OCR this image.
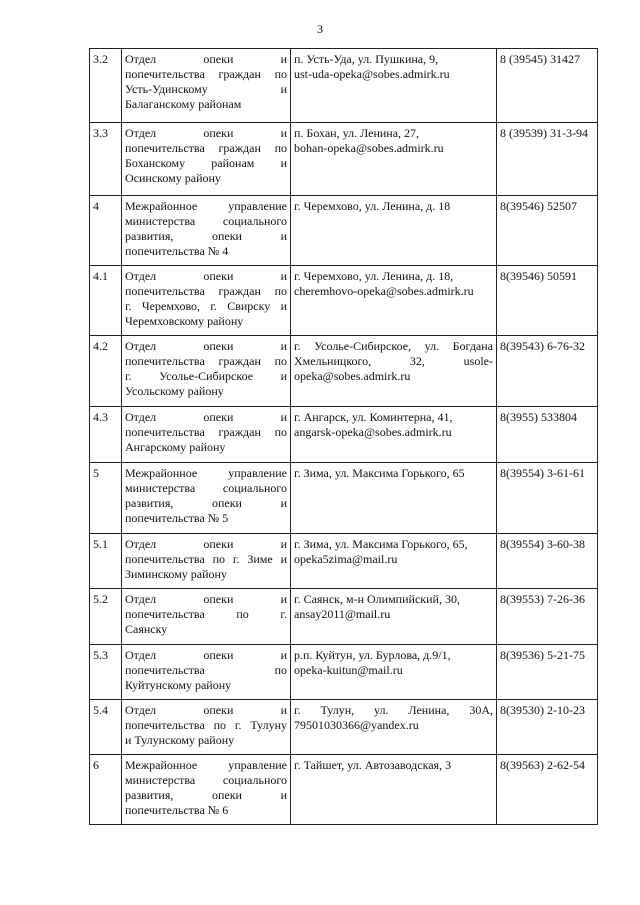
3
3.2	Отдел опеки и
попечительства граждан по
Усть-Удинскому и
Балаганскому районам	п. Усть-Уда, ул. Пушкина, 9,
ust-uda-opeka@sobes.admirk.ru	8 (39545) 31427
3.3	Отдел опеки и
попечительства граждан по
Боханскому районам и
Осинскому району	п. Бохан, ул. Ленина, 27,
bohan-opeka@sobes.admirk.ru	8 (39539) 31-3-94
4	Межрайонное управление
министерства социального
развития, опеки и
попечительства № 4	г. Черемхово, ул. Ленина, д. 18	8(39546) 52507
4.1	Отдел опеки и
попечительства граждан по
г. Черемхово, г. Свирску и
Черемховскому району	г. Черемхово, ул. Ленина, д. 18,
cheremhovo-opeka@sobes.admirk.ru	8(39546) 50591
4.2	Отдел опеки и
попечительства граждан по
г. Усолье-Сибирское и
Усольскому району	г. Усолье-Сибирское, ул. Богдана
Хмельницкого, 32, usole-
opeka@sobes.admirk.ru	8(39543) 6-76-32
4.3	Отдел опеки и
попечительства граждан по
Ангарскому району	г. Ангарск, ул. Коминтерна, 41,
angarsk-opeka@sobes.admirk.ru	8(3955) 533804
5	Межрайонное управление
министерства социального
развития, опеки и
попечительства № 5	г. Зима, ул. Максима Горького, 65	8(39554) 3-61-61
5.1	Отдел опеки и
попечительства по г. Зиме и
Зиминскому району	г. Зима, ул. Максима Горького, 65,
opeka5zima@mail.ru	8(39554) 3-60-38
5.2	Отдел опеки и
попечительства по г.
Саянску	г. Саянск, м-н Олимпийский, 30,
ansay2011@mail.ru	8(39553) 7-26-36
5.3	Отдел опеки и
попечительства по
Куйтунскому району	р.п. Куйтун, ул. Бурлова, д.9/1,
opeka-kuitun@mail.ru	8(39536) 5-21-75
5.4	Отдел опеки и
попечительства по г. Тулуну
и Тулунскому району	г. Тулун, ул. Ленина, 30А,
79501030366@yandex.ru	8(39530) 2-10-23
6	Межрайонное управление
министерства социального
развития, опеки и
попечительства № 6	г. Тайшет, ул. Автозаводская, 3	8(39563) 2-62-54
